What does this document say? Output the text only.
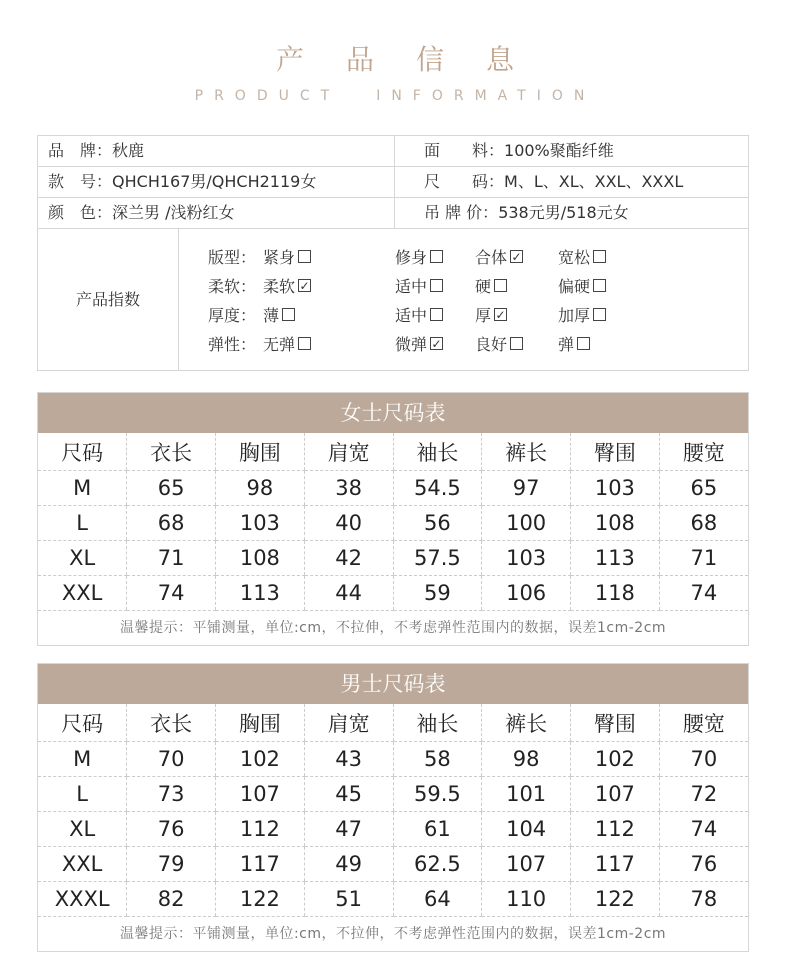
产品信息
PRODUCT	INFORMATION
品　牌：秋鹿	面　　料：100%聚酯纤维
款　号：QHCH167男/QHCH2119女	尺　　码：M、L、XL、XXL、XXXL
颜　色：深兰男 /浅粉红女	吊 牌 价：538元男/518元女
产品指数
版型： 紧身	修身	合体 ✓ 宽松
柔软： 柔软 ✓	适中	硬	偏硬
厚度： 薄	适中	厚 ✓	加厚
弹性： 无弹	微弹 ✓ 良好	弹
女士尺码表
尺码	衣长	胸围	肩宽	袖长	裤长	臀围	腰宽
M	65	98	38	54.5	97	103	65
L	68	103	40	56	100	108	68
XL	71	108	42	57.5	103	113	71
XXL	74	113	44	59	106	118	74
温馨提示：平铺测量，单位:cm，不拉伸，不考虑弹性范围内的数据，误差1cm-2cm
男士尺码表
尺码	衣长	胸围	肩宽	袖长	裤长	臀围	腰宽
M	70	102	43	58	98	102	70
L	73	107	45	59.5	101	107	72
XL	76	112	47	61	104	112	74
XXL	79	117	49	62.5	107	117	76
XXXL	82	122	51	64	110	122	78
温馨提示：平铺测量，单位:cm，不拉伸，不考虑弹性范围内的数据，误差1cm-2cm
